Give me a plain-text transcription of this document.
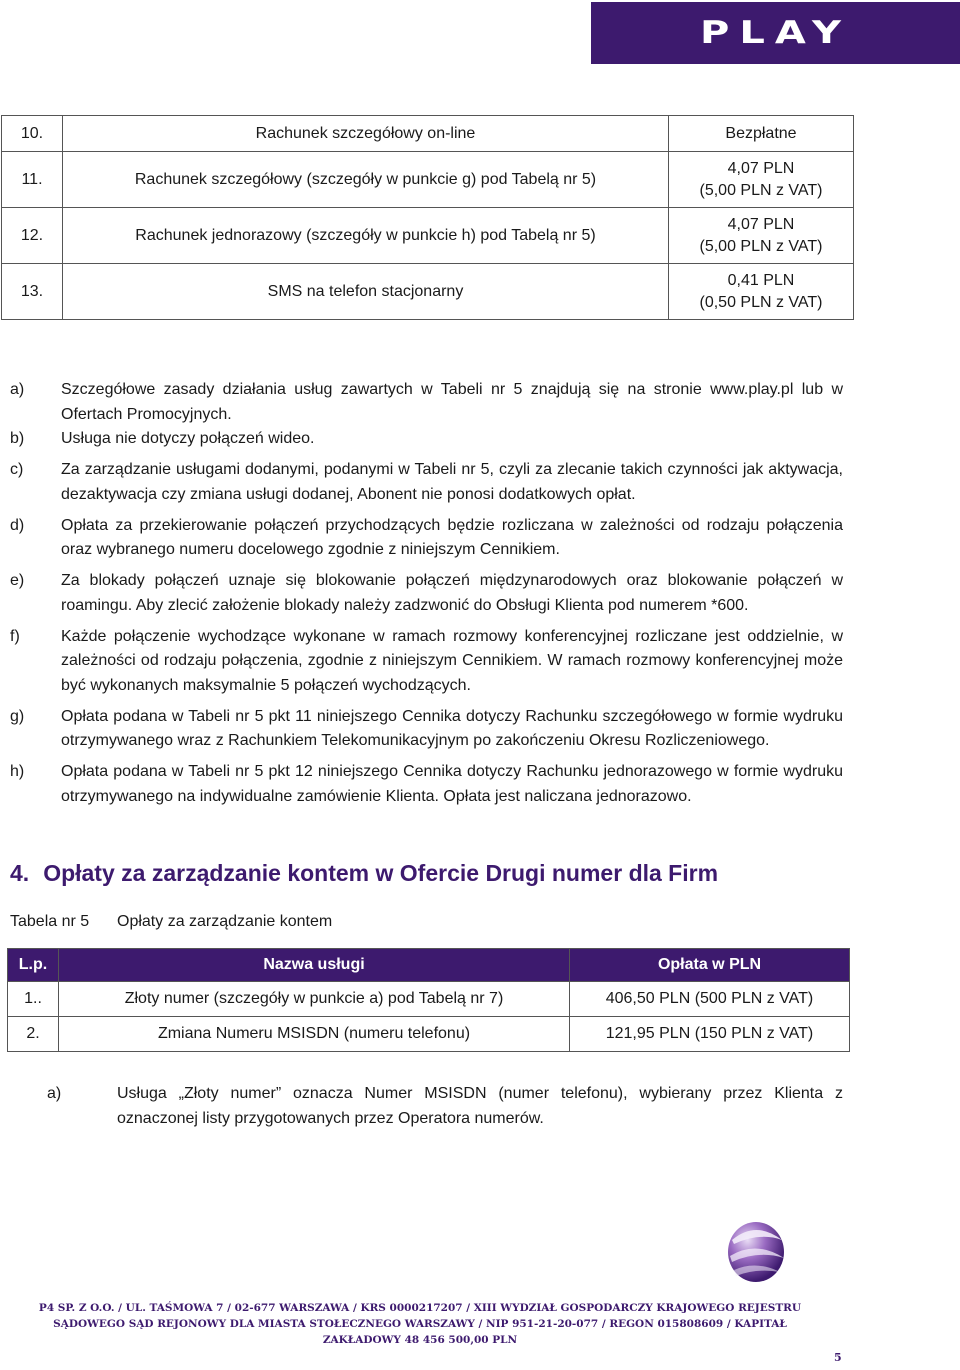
PLAY
10.	Rachunek szczegółowy on-line	Bezpłatne

11.	Rachunek szczegółowy (szczegóły w punkcie g) pod Tabelą nr 5)	4,07 PLN
(5,00 PLN z VAT)

12.	Rachunek jednorazowy (szczegóły w punkcie h) pod Tabelą nr 5)	4,07 PLN
(5,00 PLN z VAT)

13.	SMS na telefon stacjonarny	0,41 PLN
(0,50 PLN z VAT)
a)	Szczegółowe zasady działania usług zawartych w Tabeli nr 5 znajdują się na stronie www.play.pl lub w Ofertach Promocyjnych.
b)	Usługa nie dotyczy połączeń wideo.
c)	Za zarządzanie usługami dodanymi, podanymi w Tabeli nr 5, czyli za zlecanie takich czynności jak aktywacja, dezaktywacja czy zmiana usługi dodanej, Abonent nie ponosi dodatkowych opłat.
d)	Opłata za przekierowanie połączeń przychodzących będzie rozliczana w zależności od rodzaju połączenia oraz wybranego numeru docelowego zgodnie z niniejszym Cennikiem.
e)	Za blokady połączeń uznaje się blokowanie połączeń międzynarodowych oraz blokowanie połączeń w roamingu. Aby zlecić założenie blokady należy zadzwonić do Obsługi Klienta pod numerem *600.
f)	Każde połączenie wychodzące wykonane w ramach rozmowy konferencyjnej rozliczane jest oddzielnie, w zależności od rodzaju połączenia, zgodnie z niniejszym Cennikiem. W ramach rozmowy konferencyjnej może być wykonanych maksymalnie 5 połączeń wychodzących.
g)	Opłata podana w Tabeli nr 5 pkt 11 niniejszego Cennika dotyczy Rachunku szczegółowego w formie wydruku otrzymywanego wraz z Rachunkiem Telekomunikacyjnym po zakończeniu Okresu Rozliczeniowego.
h)	Opłata podana w Tabeli nr 5 pkt 12 niniejszego Cennika dotyczy Rachunku jednorazowego w formie wydruku otrzymywanego na indywidualne zamówienie Klienta. Opłata jest naliczana jednorazowo.
4. Opłaty za zarządzanie kontem w Ofercie Drugi numer dla Firm
Tabela nr 5 Opłaty za zarządzanie kontem
L.p.	Nazwa usługi	Opłata w PLN
1..	Złoty numer (szczegóły w punkcie a) pod Tabelą nr 7)	406,50 PLN (500 PLN z VAT)
2.	Zmiana Numeru MSISDN (numeru telefonu)	121,95 PLN (150 PLN z VAT)
a)	Usługa „Złoty numer” oznacza Numer MSISDN (numer telefonu), wybierany przez Klienta z oznaczonej listy przygotowanych przez Operatora numerów.
P4 SP. Z O.O. / UL. TAŚMOWA 7 / 02-677 WARSZAWA / KRS 0000217207 / XIII WYDZIAŁ GOSPODARCZY KRAJOWEGO REJESTRU
SĄDOWEGO SĄD REJONOWY DLA MIASTA STOŁECZNEGO WARSZAWY / NIP 951-21-20-077 / REGON 015808609 / KAPITAŁ
ZAKŁADOWY 48 456 500,00 PLN
5
